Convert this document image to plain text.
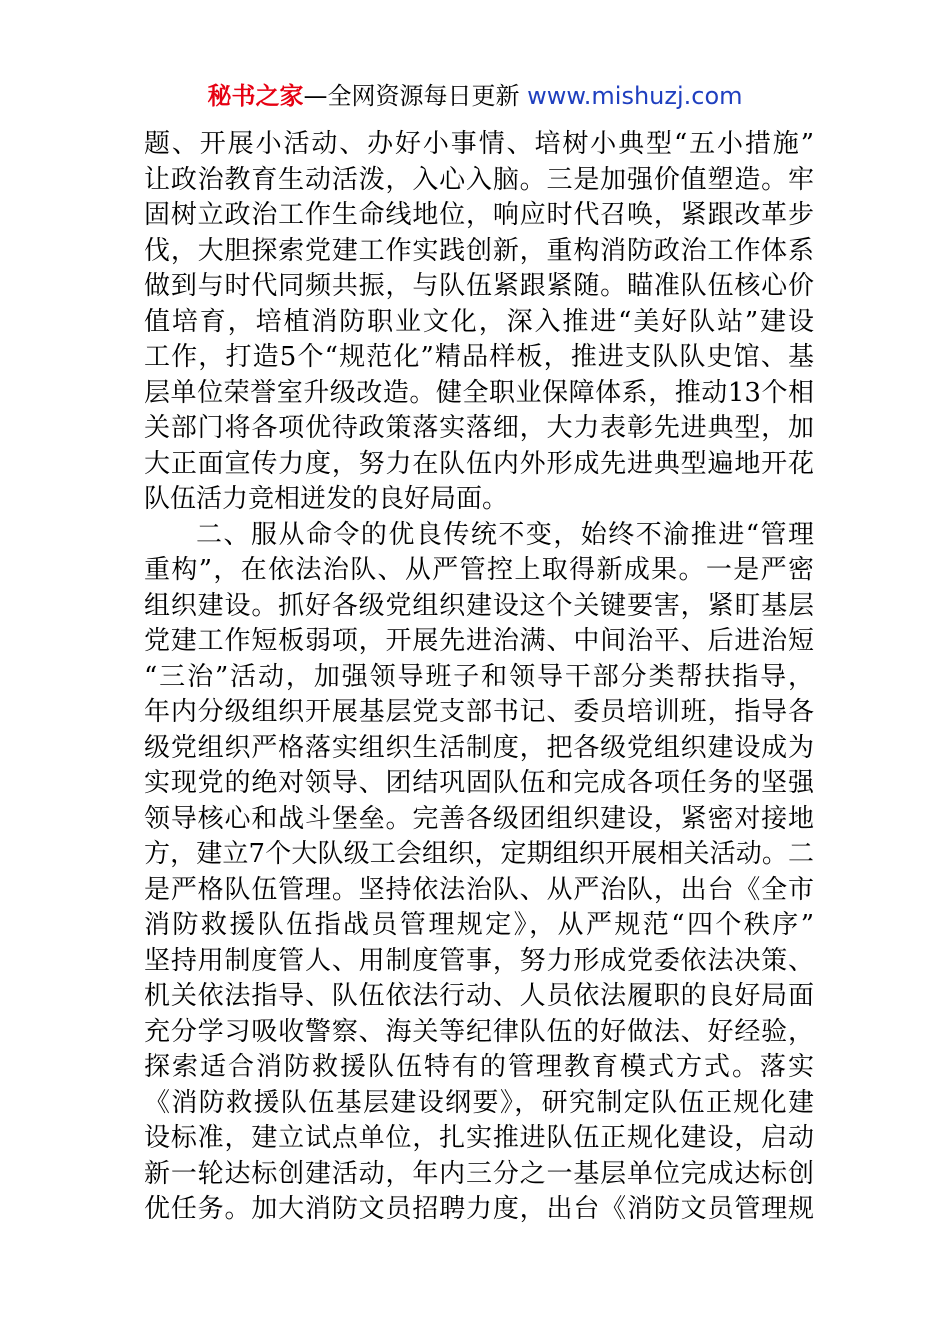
秘书之家—全网资源每日更新 www.mishuzj.com
题、开展小活动、办好小事情、培树小典型“五小措施”
让政治教育生动活泼，入心入脑。三是加强价值塑造。牢
固树立政治工作生命线地位，响应时代召唤，紧跟改革步
伐，大胆探索党建工作实践创新，重构消防政治工作体系
做到与时代同频共振，与队伍紧跟紧随。瞄准队伍核心价
值培育，培植消防职业文化，深入推进“美好队站”建设
工作，打造5个“规范化”精品样板，推进支队队史馆、基
层单位荣誉室升级改造。健全职业保障体系，推动13个相
关部门将各项优待政策落实落细，大力表彰先进典型，加
大正面宣传力度，努力在队伍内外形成先进典型遍地开花
队伍活力竞相迸发的良好局面。
二、服从命令的优良传统不变，始终不渝推进“管理
重构”，在依法治队、从严管控上取得新成果。一是严密
组织建设。抓好各级党组织建设这个关键要害，紧盯基层
党建工作短板弱项，开展先进治满、中间治平、后进治短
“三治”活动，加强领导班子和领导干部分类帮扶指导，
年内分级组织开展基层党支部书记、委员培训班，指导各
级党组织严格落实组织生活制度，把各级党组织建设成为
实现党的绝对领导、团结巩固队伍和完成各项任务的坚强
领导核心和战斗堡垒。完善各级团组织建设，紧密对接地
方，建立7个大队级工会组织，定期组织开展相关活动。二
是严格队伍管理。坚持依法治队、从严治队，出台《全市
消防救援队伍指战员管理规定》，从严规范“四个秩序”
坚持用制度管人、用制度管事，努力形成党委依法决策、
机关依法指导、队伍依法行动、人员依法履职的良好局面
充分学习吸收警察、海关等纪律队伍的好做法、好经验，
探索适合消防救援队伍特有的管理教育模式方式。落实
《消防救援队伍基层建设纲要》，研究制定队伍正规化建
设标准，建立试点单位，扎实推进队伍正规化建设，启动
新一轮达标创建活动，年内三分之一基层单位完成达标创
优任务。加大消防文员招聘力度，出台《消防文员管理规
